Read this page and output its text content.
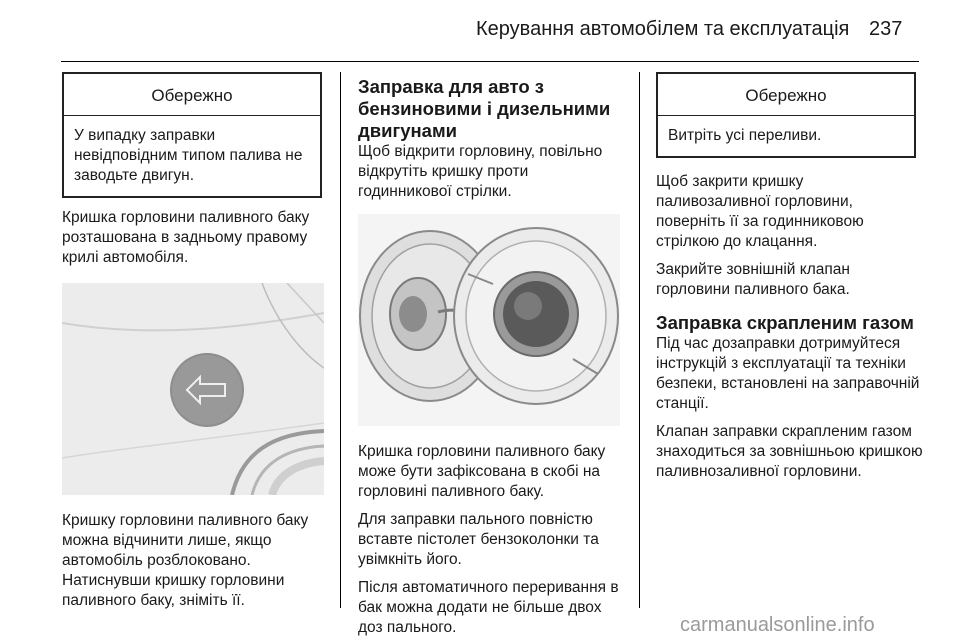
Керування автомобілем та експлуатація 237
Обережно
У випадку заправки невідповідним типом палива не заводьте двигун.

Кришка горловини паливного баку розташована в задньому правому крилі автомобіля.

Кришку горловини паливного баку можна відчинити лише, якщо автомобіль розблоковано. Натиснувши кришку горловини паливного баку, зніміть її.

Заправка для авто з бензиновими і дизельними двигунами

Щоб відкрити горловину, повільно відкрутіть кришку проти годинникової стрілки.

Кришка горловини паливного баку може бути зафіксована в скобі на горловині паливного баку.

Для заправки пального повністю вставте пістолет бензоколонки та увімкніть його.

Після автоматичного переривання в бак можна додати не більше двох доз пального.

Обережно
Витріть усі переливи.

Щоб закрити кришку паливозаливної горловини, поверніть її за годинниковою стрілкою до клацання.

Закрийте зовнішній клапан горловини паливного бака.

Заправка скрапленим газом

Під час дозаправки дотримуйтеся інструкцій з експлуатації та техніки безпеки, встановлені на заправочній станції.

Клапан заправки скрапленим газом знаходиться за зовнішньою кришкою паливнозаливної горловини.

carmanualsonline.info
